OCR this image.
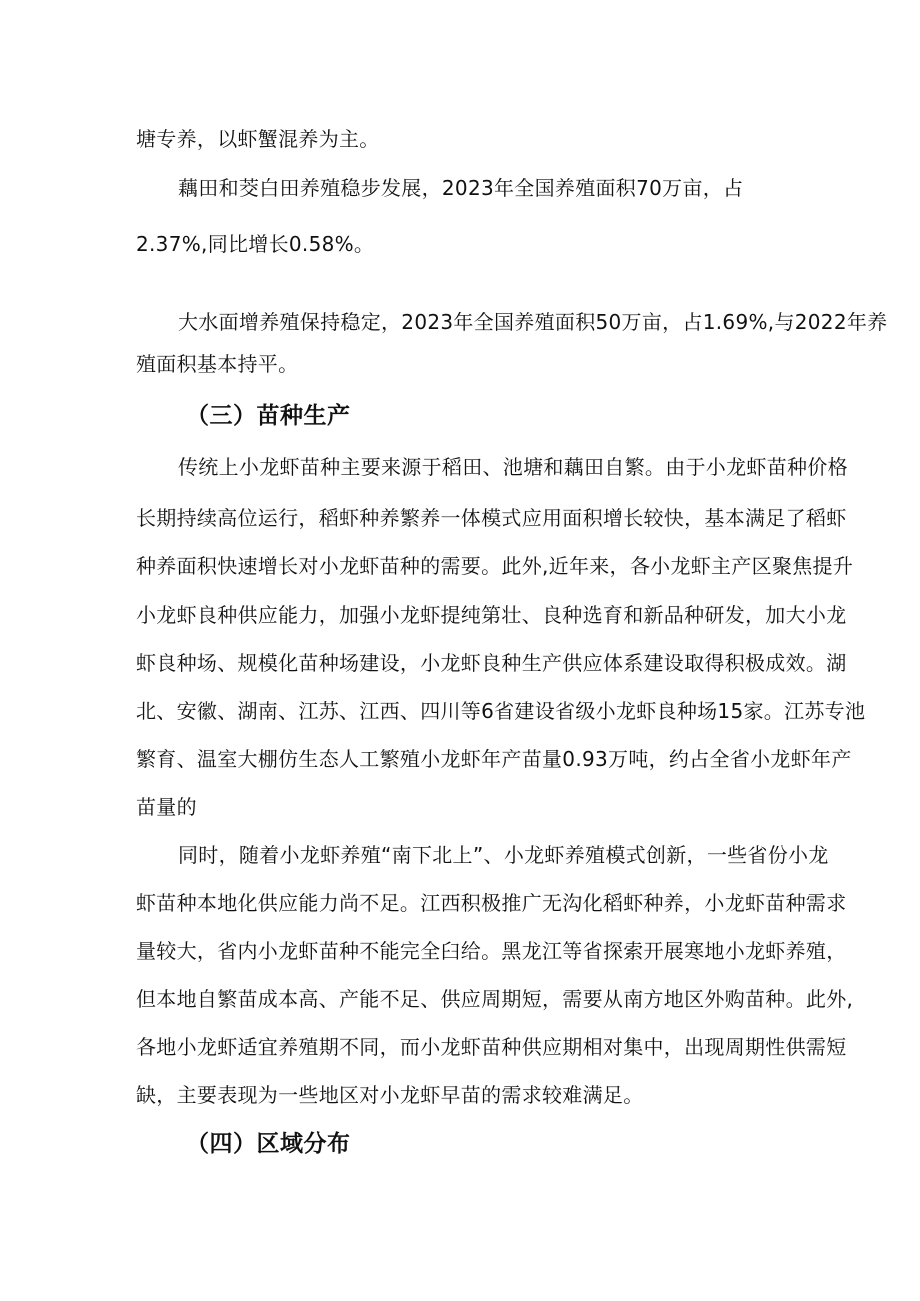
塘专养，以虾蟹混养为主。
藕田和茭白田养殖稳步发展，2023年全国养殖面积70万亩，占
2.37%,同比增长0.58%。
大水面增养殖保持稳定，2023年全国养殖面积50万亩，占1.69%,与2022年养
殖面积基本持平。
（三）苗种生产
传统上小龙虾苗种主要来源于稻田、池塘和藕田自繁。由于小龙虾苗种价格
长期持续高位运行，稻虾种养繁养一体模式应用面积增长较快，基本满足了稻虾
种养面积快速增长对小龙虾苗种的需要。此外,近年来，各小龙虾主产区聚焦提升
小龙虾良种供应能力，加强小龙虾提纯第壮、良种选育和新品种研发，加大小龙
虾良种场、规模化苗种场建设，小龙虾良种生产供应体系建设取得积极成效。湖
北、安徽、湖南、江苏、江西、四川等6省建设省级小龙虾良种场15家。江苏专池
繁育、温室大棚仿生态人工繁殖小龙虾年产苗量0.93万吨，约占全省小龙虾年产
苗量的
同时，随着小龙虾养殖“南下北上”、小龙虾养殖模式创新，一些省份小龙
虾苗种本地化供应能力尚不足。江西积极推广无沟化稻虾种养，小龙虾苗种需求
量较大，省内小龙虾苗种不能完全臼给。黑龙江等省探索开展寒地小龙虾养殖，
但本地自繁苗成本高、产能不足、供应周期短，需要从南方地区外购苗种。此外,
各地小龙虾适宜养殖期不同，而小龙虾苗种供应期相对集中，出现周期性供需短
缺，主要表现为一些地区对小龙虾早苗的需求较难满足。
（四）区域分布
